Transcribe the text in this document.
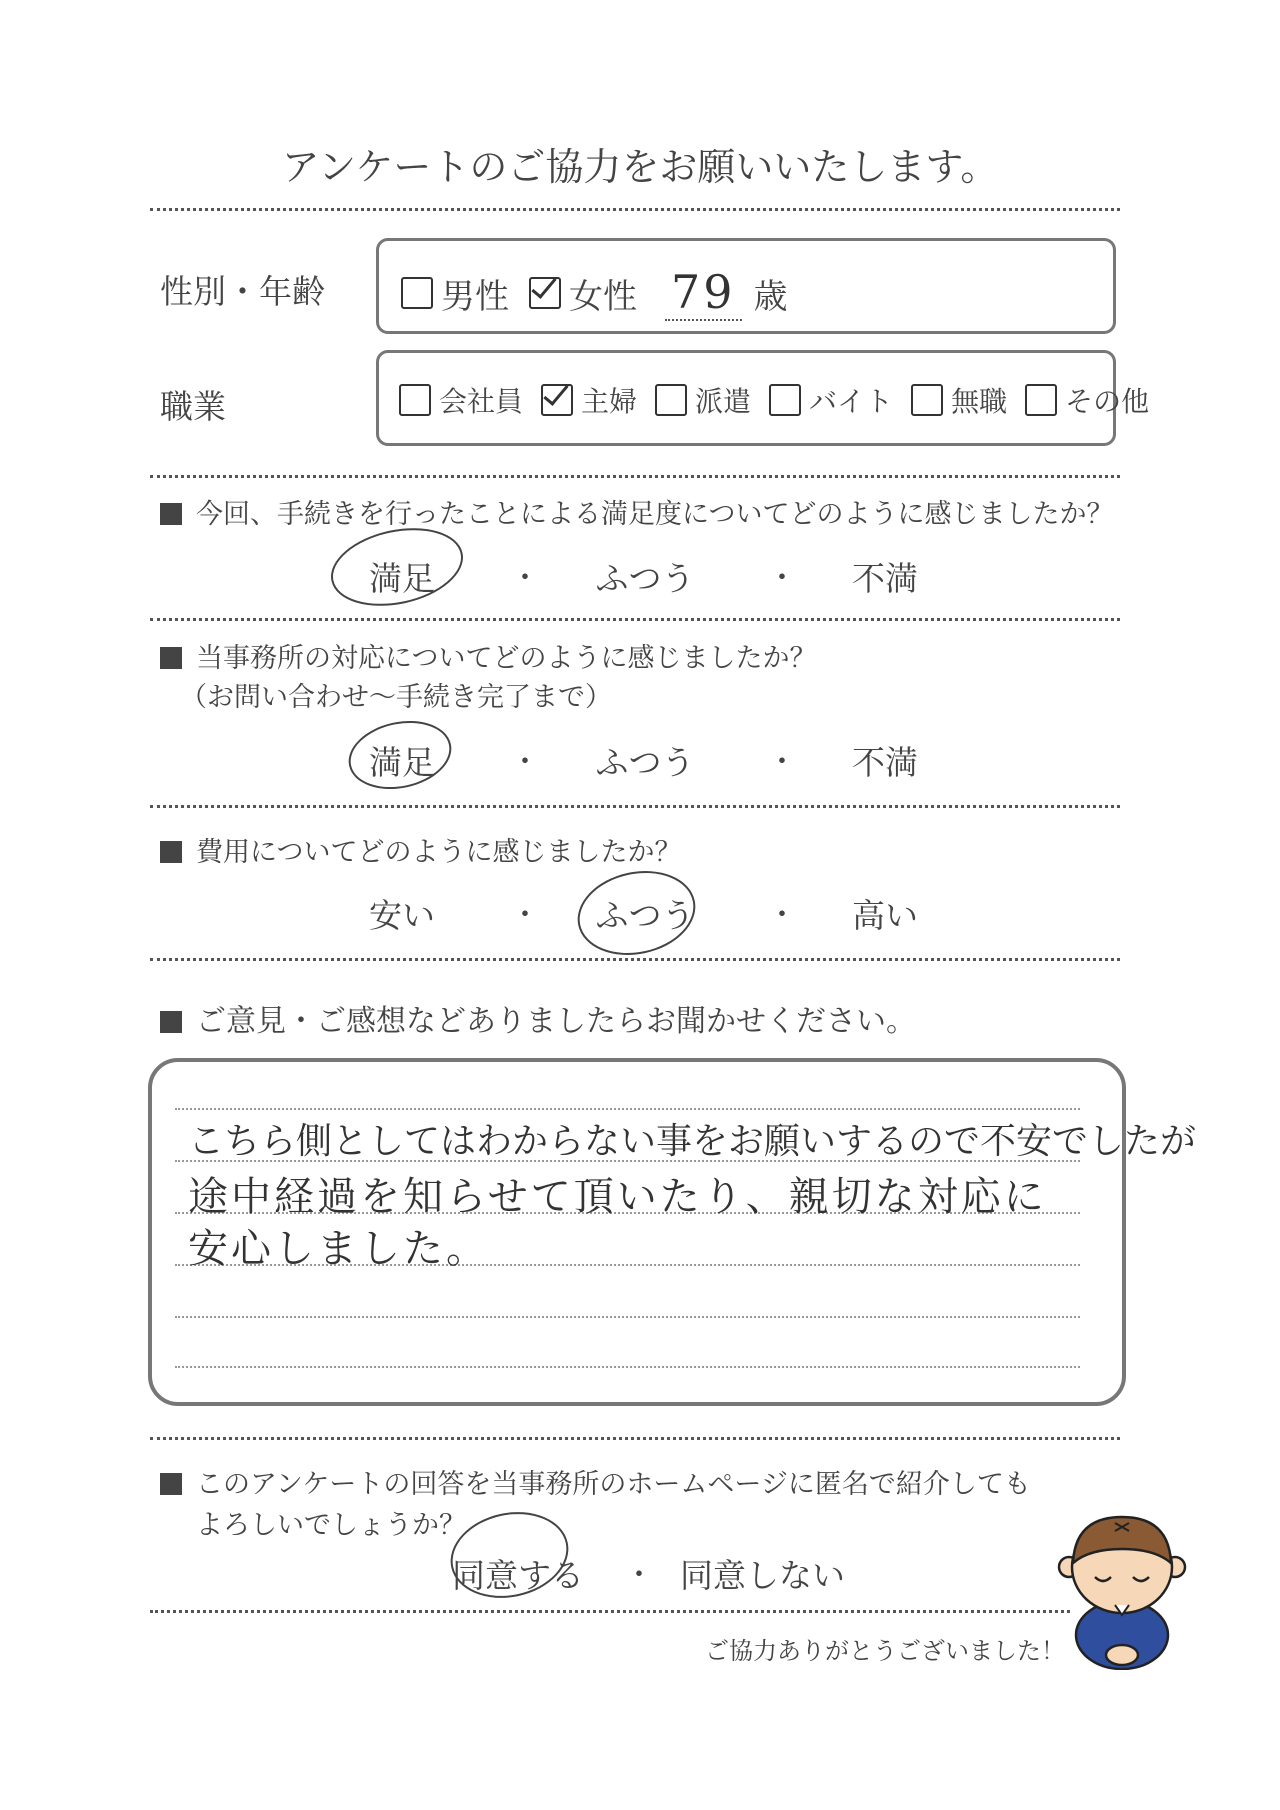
アンケートのご協力をお願いいたします。
性別・年齢	男性 女性 79 歳
職業	会社員 主婦 派遣 バイト 無職 その他
今回、手続きを行ったことによる満足度についてどのように感じましたか？
満足	・	ふつう	・	不満
当事務所の対応についてどのように感じましたか？
（お問い合わせ〜手続き完了まで）
満足	・	ふつう	・	不満
費用についてどのように感じましたか？
安い	・	ふつう	・	高い
ご意見・ご感想などありましたらお聞かせください。
こちら側としてはわからない事をお願いするので不安でしたが
途中経過を知らせて頂いたり、親切な対応に
安心しました。
このアンケートの回答を当事務所のホームページに匿名で紹介しても
よろしいでしょうか？
同意する ・ 同意しない
ご協力ありがとうございました！
